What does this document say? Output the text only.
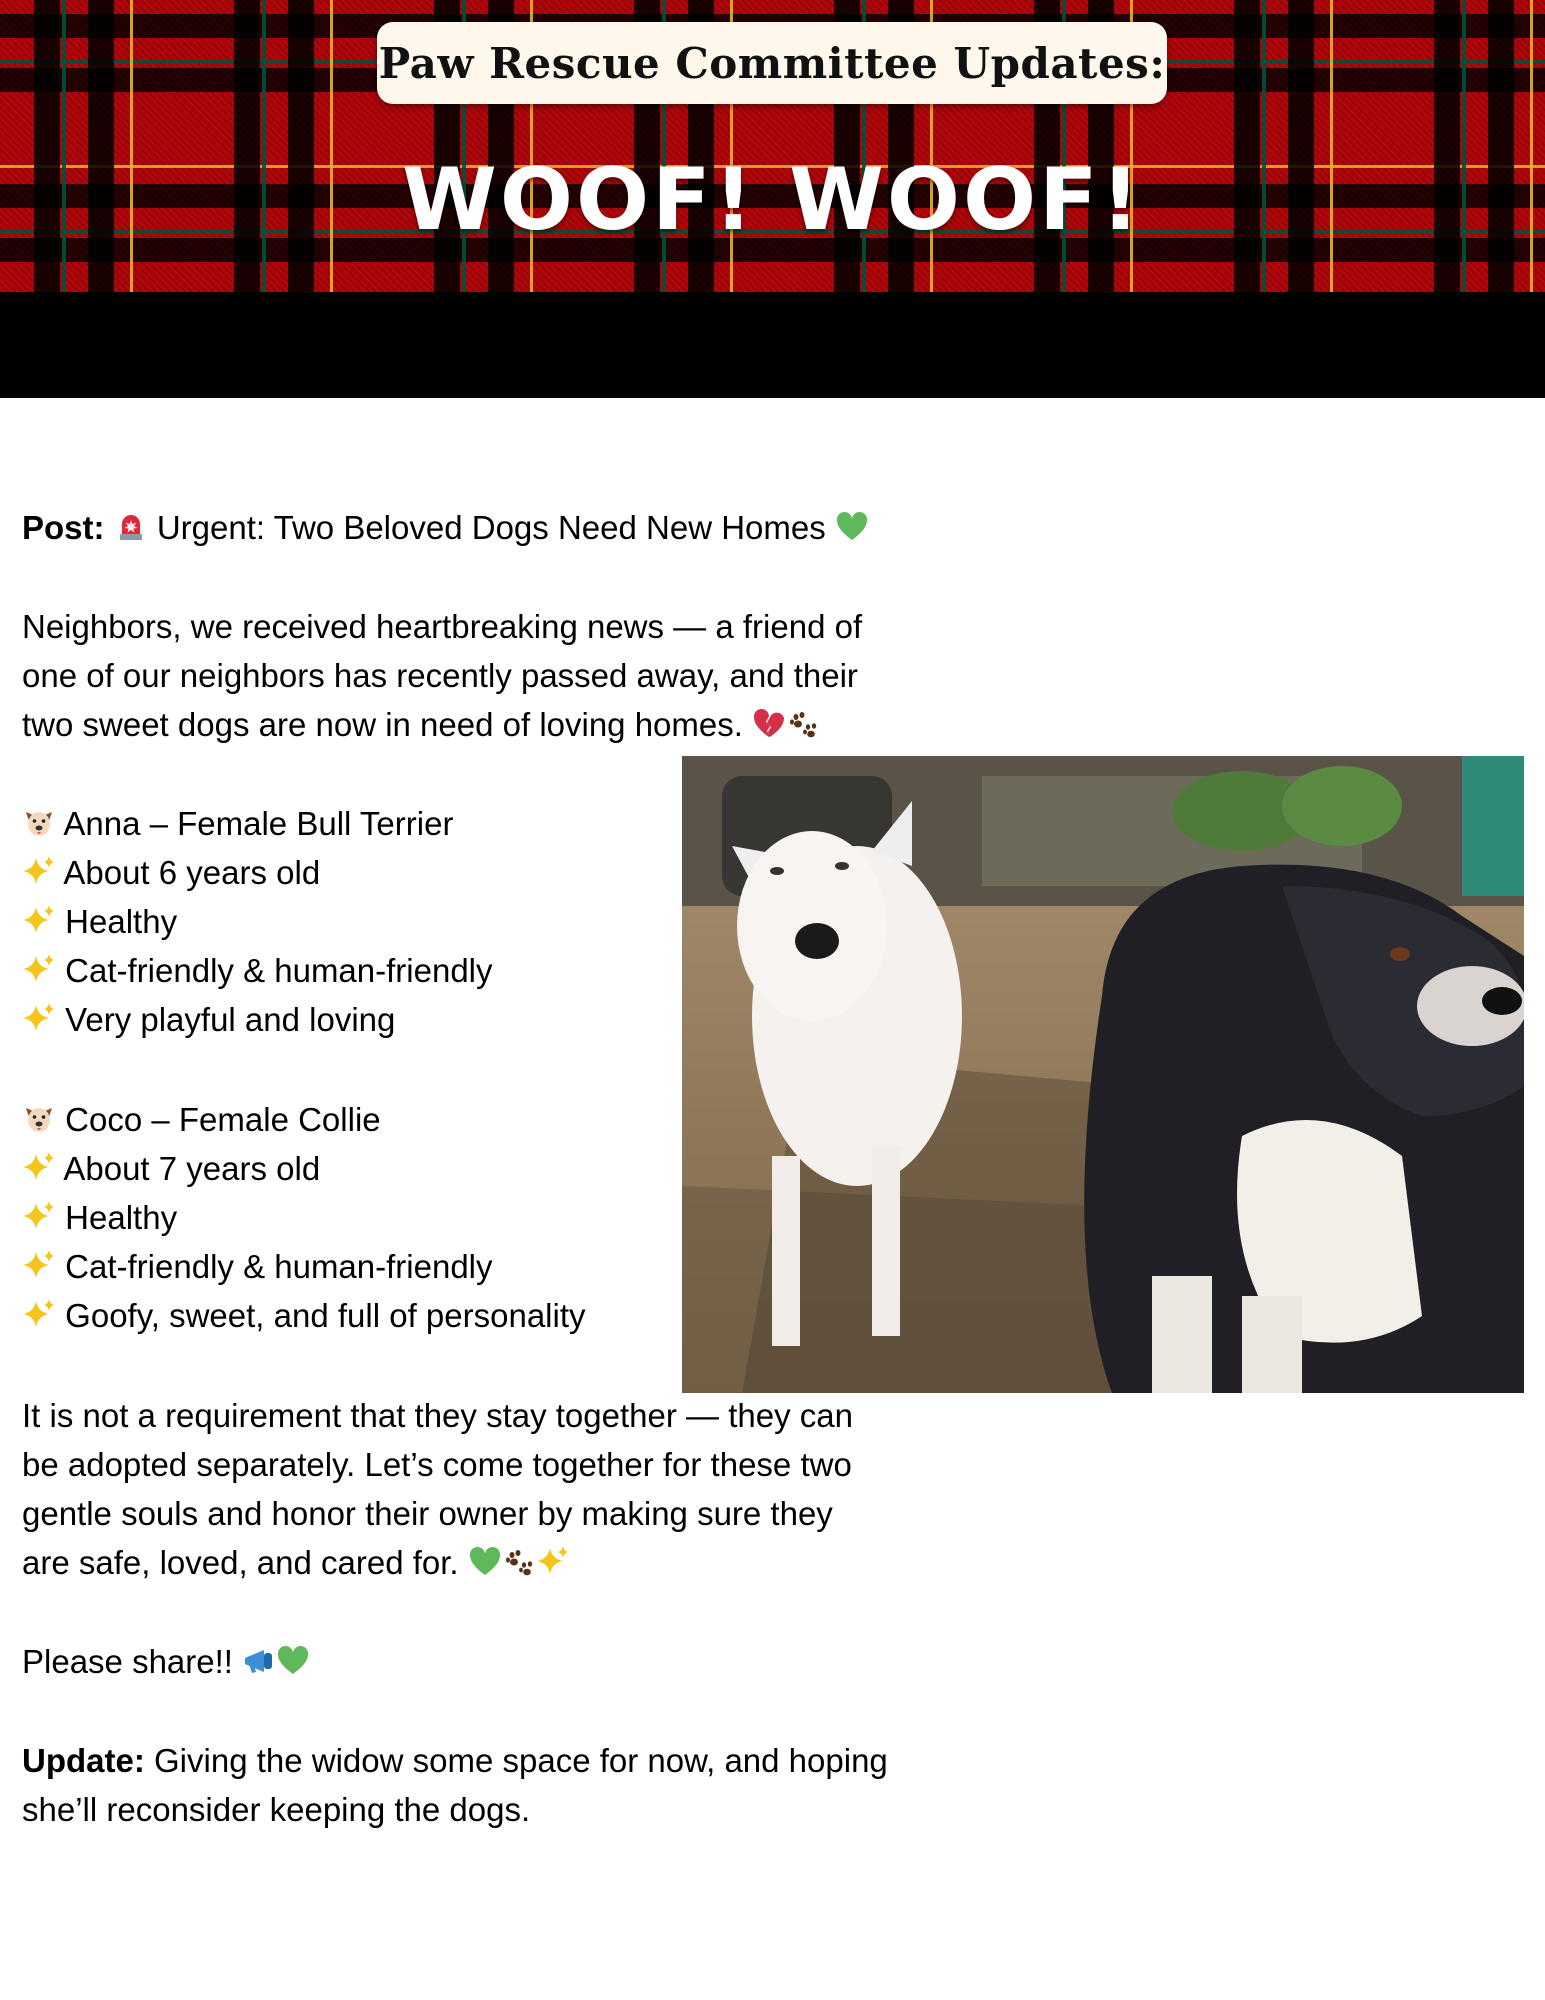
Paw Rescue Committee Updates:
WOOF! WOOF!
Post: Urgent: Two Beloved Dogs Need New Homes
Neighbors, we received heartbreaking news — a friend of
one of our neighbors has recently passed away, and their
two sweet dogs are now in need of loving homes.
Anna – Female Bull Terrier
About 6 years old
Healthy
Cat-friendly & human-friendly
Very playful and loving
Coco – Female Collie
About 7 years old
Healthy
Cat-friendly & human-friendly
Goofy, sweet, and full of personality
It is not a requirement that they stay together — they can
be adopted separately. Let’s come together for these two
gentle souls and honor their owner by making sure they
are safe, loved, and cared for.
Please share!!
Update: Giving the widow some space for now, and hoping
she’ll reconsider keeping the dogs.
